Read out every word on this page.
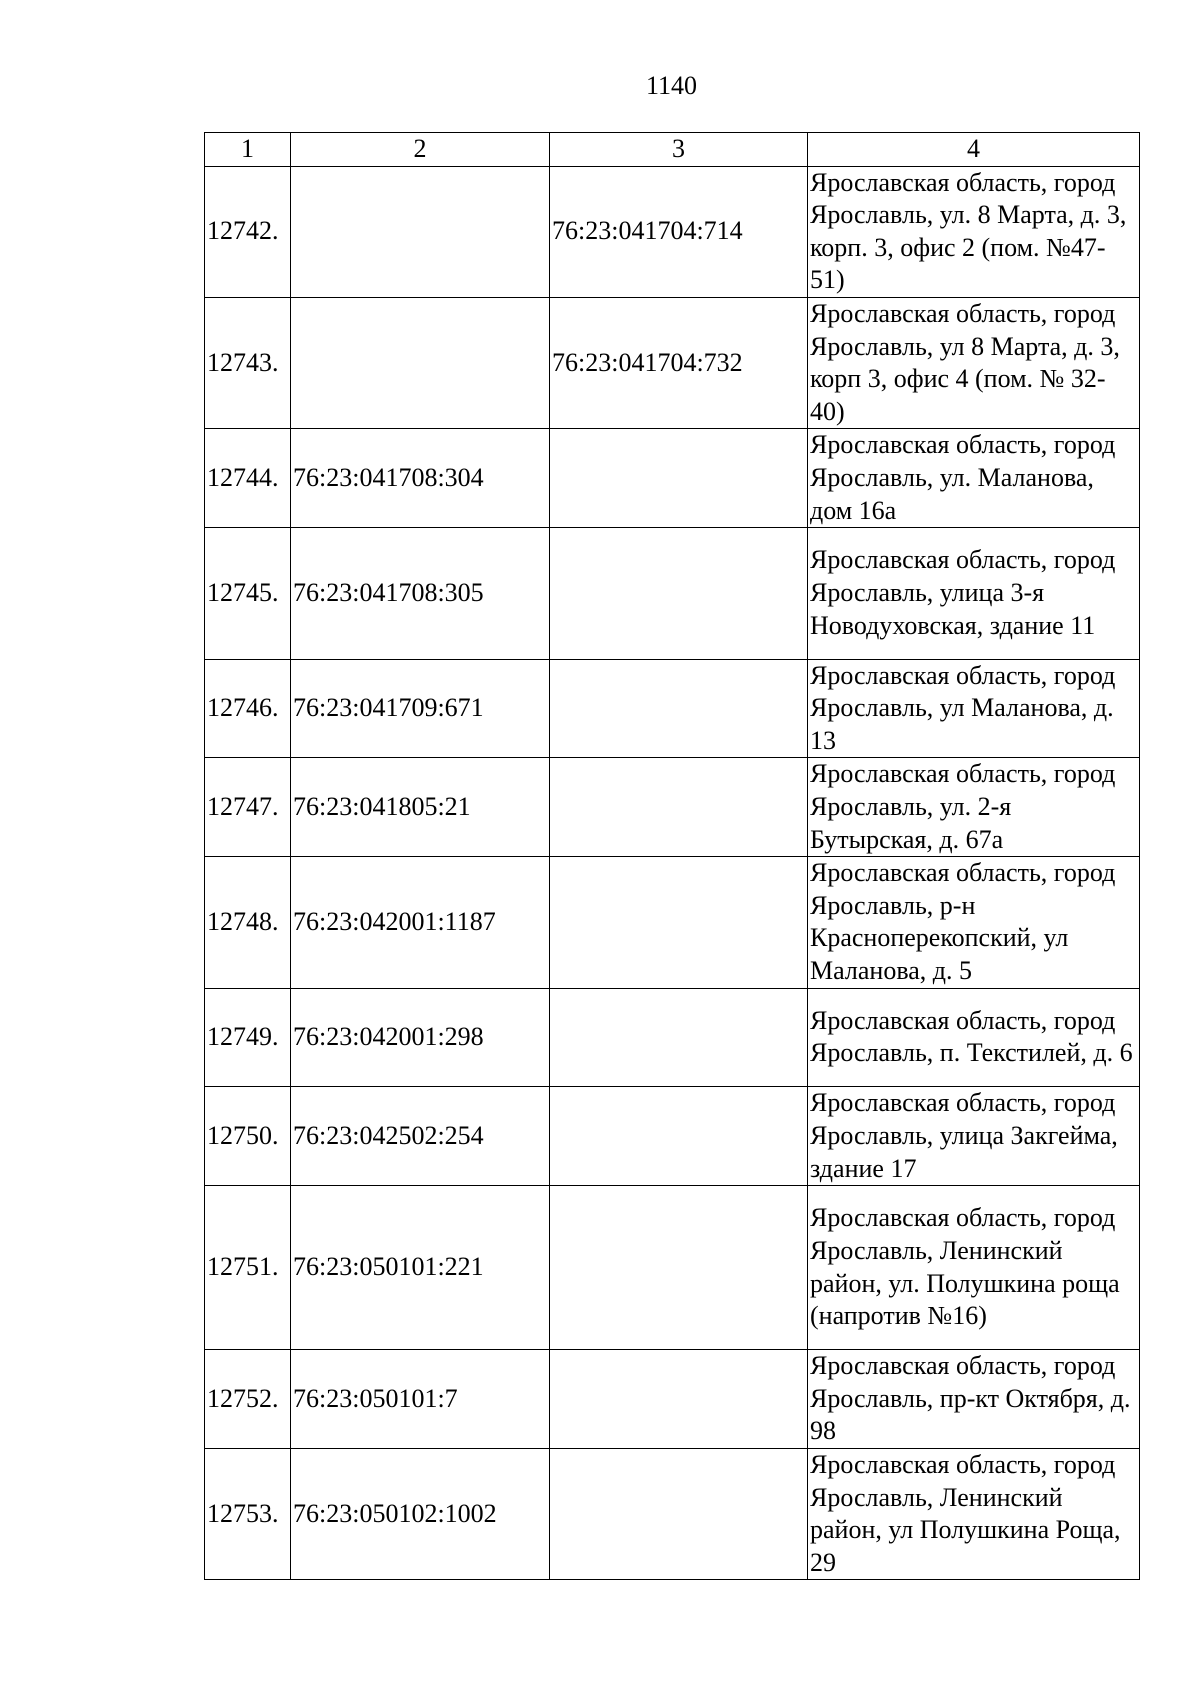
1140
1	2	3	4
12742.		76:23:041704:714	Ярославская область, город Ярославль, ул. 8 Марта, д. 3, корп. 3, офис 2 (пом. №47-51)
12743.		76:23:041704:732	Ярославская область, город Ярославль, ул 8 Марта, д. 3, корп 3, офис 4 (пом. № 32-40)
12744.	76:23:041708:304		Ярославская область, город Ярославль, ул. Маланова, дом 16а
12745.	76:23:041708:305		Ярославская область, город Ярославль, улица 3-я Новодуховская, здание 11
12746.	76:23:041709:671		Ярославская область, город Ярославль, ул Маланова, д. 13
12747.	76:23:041805:21		Ярославская область, город Ярославль, ул. 2-я Бутырская, д. 67а
12748.	76:23:042001:1187		Ярославская область, город Ярославль, р-н Красноперекопский, ул Маланова, д. 5
12749.	76:23:042001:298		Ярославская область, город Ярославль, п. Текстилей, д. 6
12750.	76:23:042502:254		Ярославская область, город Ярославль, улица Закгейма, здание 17
12751.	76:23:050101:221		Ярославская область, город Ярославль, Ленинский район, ул. Полушкина роща (напротив №16)
12752.	76:23:050101:7		Ярославская область, город Ярославль, пр-кт Октября, д. 98
12753.	76:23:050102:1002		Ярославская область, город Ярославль, Ленинский район, ул Полушкина Роща, 29
